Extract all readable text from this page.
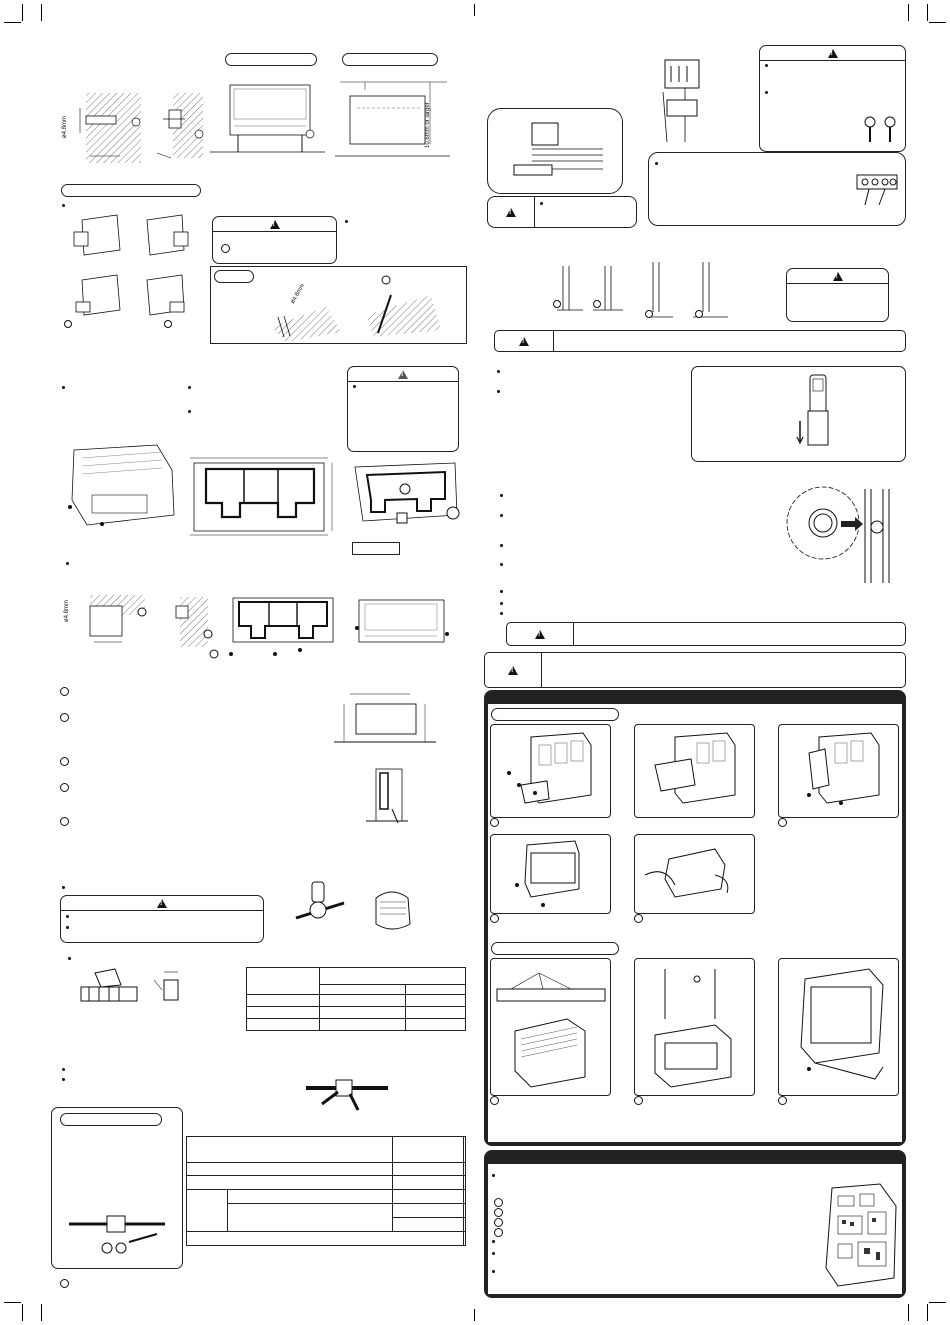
ø4.8mm	10.6mm or larger
!
ø4.8mm
!
ø4.8mm
!

!
!
!
!
!
!
